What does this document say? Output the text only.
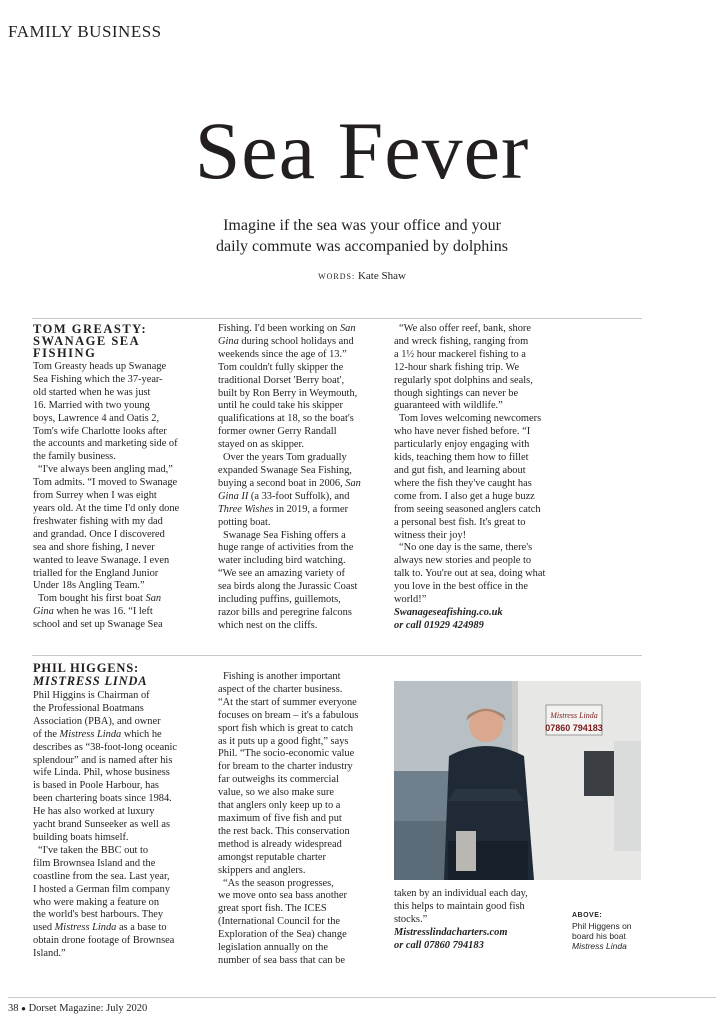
FAMILY BUSINESS
Sea Fever
Imagine if the sea was your office and your
daily commute was accompanied by dolphins
WORDS: Kate Shaw
TOM GREASTY:
SWANAGE SEA
FISHING
Tom Greasty heads up Swanage
Sea Fishing which the 37-year-
old started when he was just
16. Married with two young
boys, Lawrence 4 and Oatis 2,
Tom's wife Charlotte looks after
the accounts and marketing side of
the family business.
“I've always been angling mad,”
Tom admits. “I moved to Swanage
from Surrey when I was eight
years old. At the time I'd only done
freshwater fishing with my dad
and grandad. Once I discovered
sea and shore fishing, I never
wanted to leave Swanage. I even
trialled for the England Junior
Under 18s Angling Team.”
Tom bought his first boat San
Gina when he was 16. “I left
school and set up Swanage Sea
Fishing. I'd been working on San
Gina during school holidays and
weekends since the age of 13.”
Tom couldn't fully skipper the
traditional Dorset 'Berry boat',
built by Ron Berry in Weymouth,
until he could take his skipper
qualifications at 18, so the boat's
former owner Gerry Randall
stayed on as skipper.
Over the years Tom gradually
expanded Swanage Sea Fishing,
buying a second boat in 2006, San
Gina II (a 33-foot Suffolk), and
Three Wishes in 2019, a former
potting boat.
Swanage Sea Fishing offers a
huge range of activities from the
water including bird watching.
“We see an amazing variety of
sea birds along the Jurassic Coast
including puffins, guillemots,
razor bills and peregrine falcons
which nest on the cliffs.
“We also offer reef, bank, shore
and wreck fishing, ranging from
a 1½ hour mackerel fishing to a
12-hour shark fishing trip. We
regularly spot dolphins and seals,
though sightings can never be
guaranteed with wildlife.”
Tom loves welcoming newcomers
who have never fished before. “I
particularly enjoy engaging with
kids, teaching them how to fillet
and gut fish, and learning about
where the fish they've caught has
come from. I also get a huge buzz
from seeing seasoned anglers catch
a personal best fish. It's great to
witness their joy!
“No one day is the same, there's
always new stories and people to
talk to. You're out at sea, doing what
you love in the best office in the
world!”
Swanageseafishing.co.uk
or call 01929 424989
PHIL HIGGENS:
MISTRESS LINDA
Phil Higgins is Chairman of
the Professional Boatmans
Association (PBA), and owner
of the Mistress Linda which he
describes as “38-foot-long oceanic
splendour” and is named after his
wife Linda. Phil, whose business
is based in Poole Harbour, has
been chartering boats since 1984.
He has also worked at luxury
yacht brand Sunseeker as well as
building boats himself.
“I've taken the BBC out to
film Brownsea Island and the
coastline from the sea. Last year,
I hosted a German film company
who were making a feature on
the world's best harbours. They
used Mistress Linda as a base to
obtain drone footage of Brownsea
Island.”
Fishing is another important
aspect of the charter business.
“At the start of summer everyone
focuses on bream – it's a fabulous
sport fish which is great to catch
as it puts up a good fight,” says
Phil. “The socio-economic value
for bream to the charter industry
far outweighs its commercial
value, so we also make sure
that anglers only keep up to a
maximum of five fish and put
the rest back. This conservation
method is already widespread
amongst reputable charter
skippers and anglers.
“As the season progresses,
we move onto sea bass another
great sport fish. The ICES
(International Council for the
Exploration of the Sea) change
legislation annually on the
number of sea bass that can be
Mistress Linda
07860 794183
taken by an individual each day,
this helps to maintain good fish
stocks.”
Mistresslindacharters.com
or call 07860 794183
ABOVE:
Phil Higgens on
board his boat
Mistress Linda
38 ● Dorset Magazine: July 2020
